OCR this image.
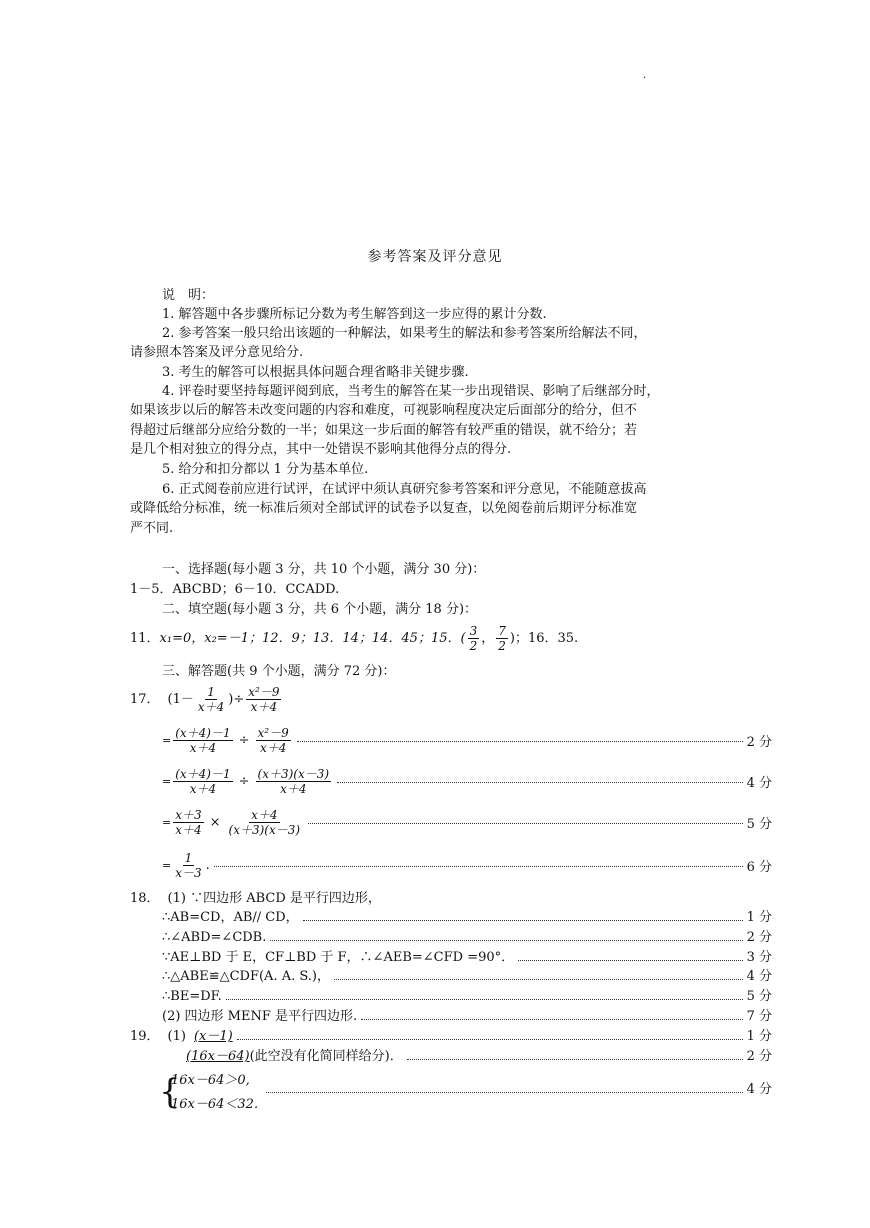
.
参考答案及评分意见
说　明：
1. 解答题中各步骤所标记分数为考生解答到这一步应得的累计分数.
2. 参考答案一般只给出该题的一种解法，如果考生的解法和参考答案所给解法不同，
请参照本答案及评分意见给分.
3. 考生的解答可以根据具体问题合理省略非关键步骤.
4. 评卷时要坚持每题评阅到底，当考生的解答在某一步出现错误、影响了后继部分时，
如果该步以后的解答未改变问题的内容和难度，可视影响程度决定后面部分的给分，但不
得超过后继部分应给分数的一半；如果这一步后面的解答有较严重的错误，就不给分；若
是几个相对独立的得分点，其中一处错误不影响其他得分点的得分.
5. 给分和扣分都以 1 分为基本单位.
6. 正式阅卷前应进行试评，在试评中须认真研究参考答案和评分意见，不能随意拔高
或降低给分标准，统一标准后须对全部试评的试卷予以复查，以免阅卷前后期评分标准宽
严不同.
一、选择题(每小题 3 分，共 10 个小题，满分 30 分)：
1－5．ABCBD；6－10．CCADD.
二、填空题(每小题 3 分，共 6 个小题，满分 18 分)：
11． x₁=0， x₂=－1；12．9；13．14；14．45；15．( $\frac{3}{2}$ ， $\frac{7}{2}$ )；16．35.
三、解答题(共 9 个小题，满分 72 分)：
17． ($1- \frac{1}{x+4}$ )÷ $\frac{\text{x²－9}}{x+4}$
= $\frac{(x+4)-1}{x+4} \div \frac{\text{x²－9}}{x+4}$	2 分
= $\frac{(x+4)-1}{x+4} \div \frac{(x+3)(x-3)}{x+4}$	4 分
= $\frac{x+3}{x+4} \times \frac{x+4}{(x+3)(x-3)}$	5 分
= $\frac{1}{x-3}$ .	6 分
18． (1) ∵四边形 ABCD 是平行四边形，
∴AB=CD，AB// CD，	1 分
∴∠ABD=∠CDB.	2 分
∵AE⊥BD 于 E，CF⊥BD 于 F，∴∠AEB=∠CFD =90°．	3 分
∴△ABE≌△CDF(A. A. S.)，	4 分
∴BE=DF.	5 分
(2) 四边形 MENF 是平行四边形.	7 分
19． (1) (x－1)	1 分
(16x－64) (此空没有化简同样给分)．	2 分
{
16x－64＞0,
16x－64＜32.
4 分
